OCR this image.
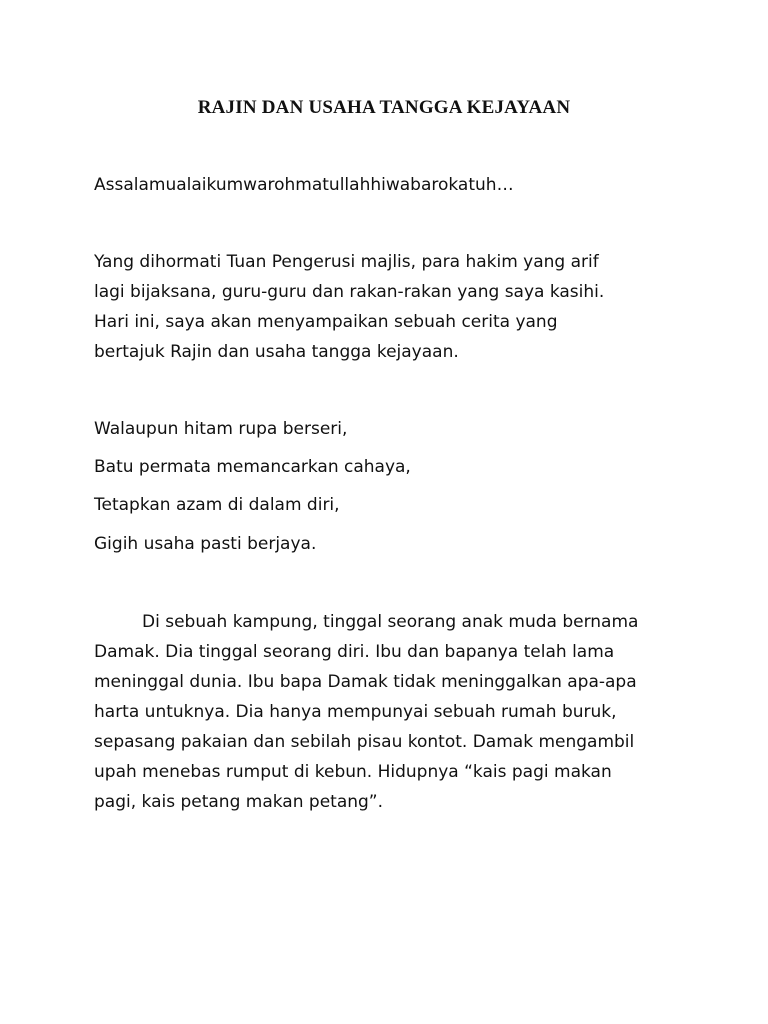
RAJIN DAN USAHA TANGGA KEJAYAAN
Assalamualaikumwarohmatullahhiwabarokatuh…
Yang dihormati Tuan Pengerusi majlis, para hakim yang arif
lagi bijaksana, guru-guru dan rakan-rakan yang saya kasihi.
Hari ini, saya akan menyampaikan sebuah cerita yang
bertajuk Rajin dan usaha tangga kejayaan.
Walaupun hitam rupa berseri,
Batu permata memancarkan cahaya,
Tetapkan azam di dalam diri,
Gigih usaha pasti berjaya.
Di sebuah kampung, tinggal seorang anak muda bernama
Damak. Dia tinggal seorang diri. Ibu dan bapanya telah lama
meninggal dunia. Ibu bapa Damak tidak meninggalkan apa-apa
harta untuknya. Dia hanya mempunyai sebuah rumah buruk,
sepasang pakaian dan sebilah pisau kontot. Damak mengambil
upah menebas rumput di kebun. Hidupnya “kais pagi makan
pagi, kais petang makan petang”.
